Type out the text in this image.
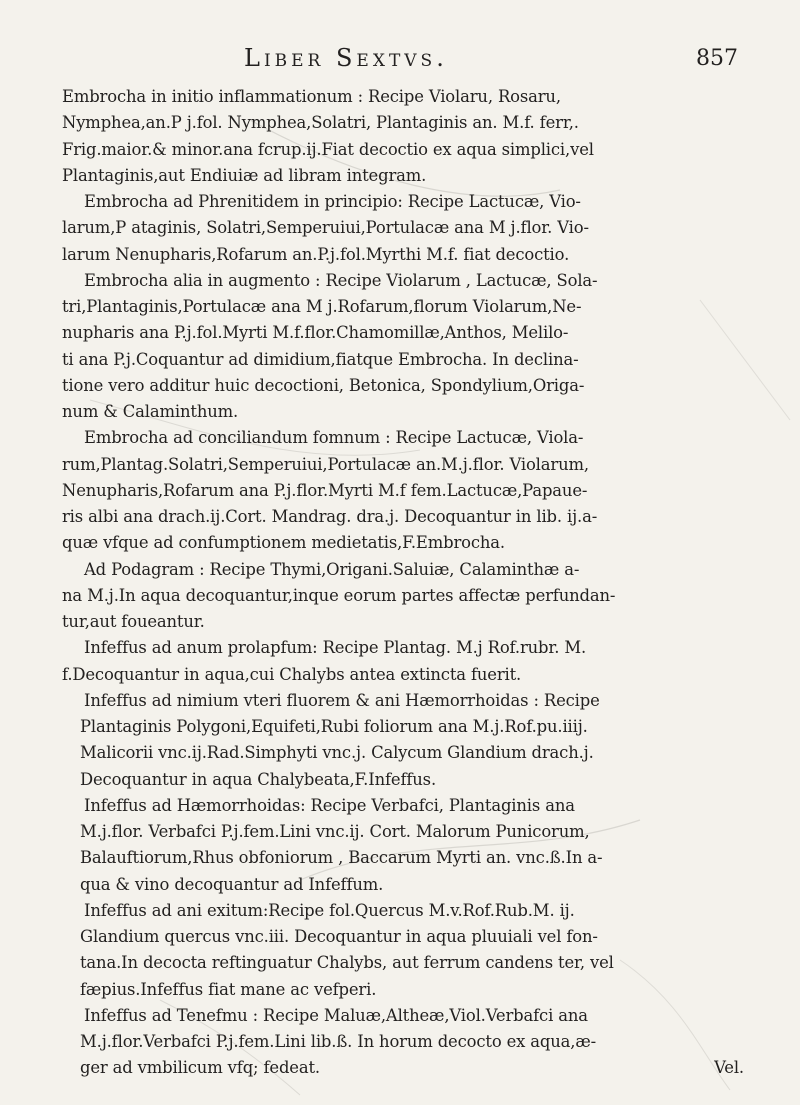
Liber Sextvs.	857
Embrocha in initio inflammationum : Recipe Violaru, Rosaru,
Nymphea,an.P j.fol. Nymphea,Solatri, Plantaginis an. M.f. ferr,.
Frig.maior.& minor.ana fcrup.ij.Fiat decoctio ex aqua simplici,vel
Plantaginis,aut Endiuiæ ad libram integram.
Embrocha ad Phrenitidem in principio: Recipe Lactucæ, Vio-
larum,P ataginis, Solatri,Semperuiui,Portulacæ ana M j.flor. Vio-
larum Nenupharis,Rofarum an.P.j.fol.Myrthi M.f. fiat decoctio.
Embrocha alia in augmento : Recipe Violarum , Lactucæ, Sola-
tri,Plantaginis,Portulacæ ana M j.Rofarum,florum Violarum,Ne-
nupharis ana P.j.fol.Myrti M.f.flor.Chamomillæ,Anthos, Melilo-
ti ana P.j.Coquantur ad dimidium,fiatque Embrocha. In declina-
tione vero additur huic decoctioni, Betonica, Spondylium,Origa-
num & Calaminthum.
Embrocha ad conciliandum fomnum : Recipe Lactucæ, Viola-
rum,Plantag.Solatri,Semperuiui,Portulacæ an.M.j.flor. Violarum,
Nenupharis,Rofarum ana P.j.flor.Myrti M.f fem.Lactucæ,Papaue-
ris albi ana drach.ij.Cort. Mandrag. dra.j. Decoquantur in lib. ij.a-
quæ vfque ad confumptionem medietatis,F.Embrocha.
Ad Podagram : Recipe Thymi,Origani.Saluiæ, Calaminthæ a-
na M.j.In aqua decoquantur,inque eorum partes affectæ perfundan-
tur,aut foueantur.
Infeffus ad anum prolapfum: Recipe Plantag. M.j Rof.rubr. M.
f.Decoquantur in aqua,cui Chalybs antea extincta fuerit.
Infeffus ad nimium vteri fluorem & ani Hæmorrhoidas : Recipe
Plantaginis Polygoni,Equifeti,Rubi foliorum ana M.j.Rof.pu.iiij.
Malicorii vnc.ij.Rad.Simphyti vnc.j. Calycum Glandium drach.j.
Decoquantur in aqua Chalybeata,F.Infeffus.
Infeffus ad Hæmorrhoidas: Recipe Verbafci, Plantaginis ana
M.j.flor. Verbafci P.j.fem.Lini vnc.ij. Cort. Malorum Punicorum,
Balauftiorum,Rhus obfoniorum , Baccarum Myrti an. vnc.ß.In a-
qua & vino decoquantur ad Infeffum.
Infeffus ad ani exitum:Recipe fol.Quercus M.v.Rof.Rub.M. ij.
Glandium quercus vnc.iii. Decoquantur in aqua pluuiali vel fon-
tana.In decocta reftinguatur Chalybs, aut ferrum candens ter, vel
fæpius.Infeffus fiat mane ac vefperi.
Infeffus ad Tenefmu : Recipe Maluæ,Altheæ,Viol.Verbafci ana
M.j.flor.Verbafci P.j.fem.Lini lib.ß. In horum decocto ex aqua,æ-
ger ad vmbilicum vfq; fedeat.	Vel.
